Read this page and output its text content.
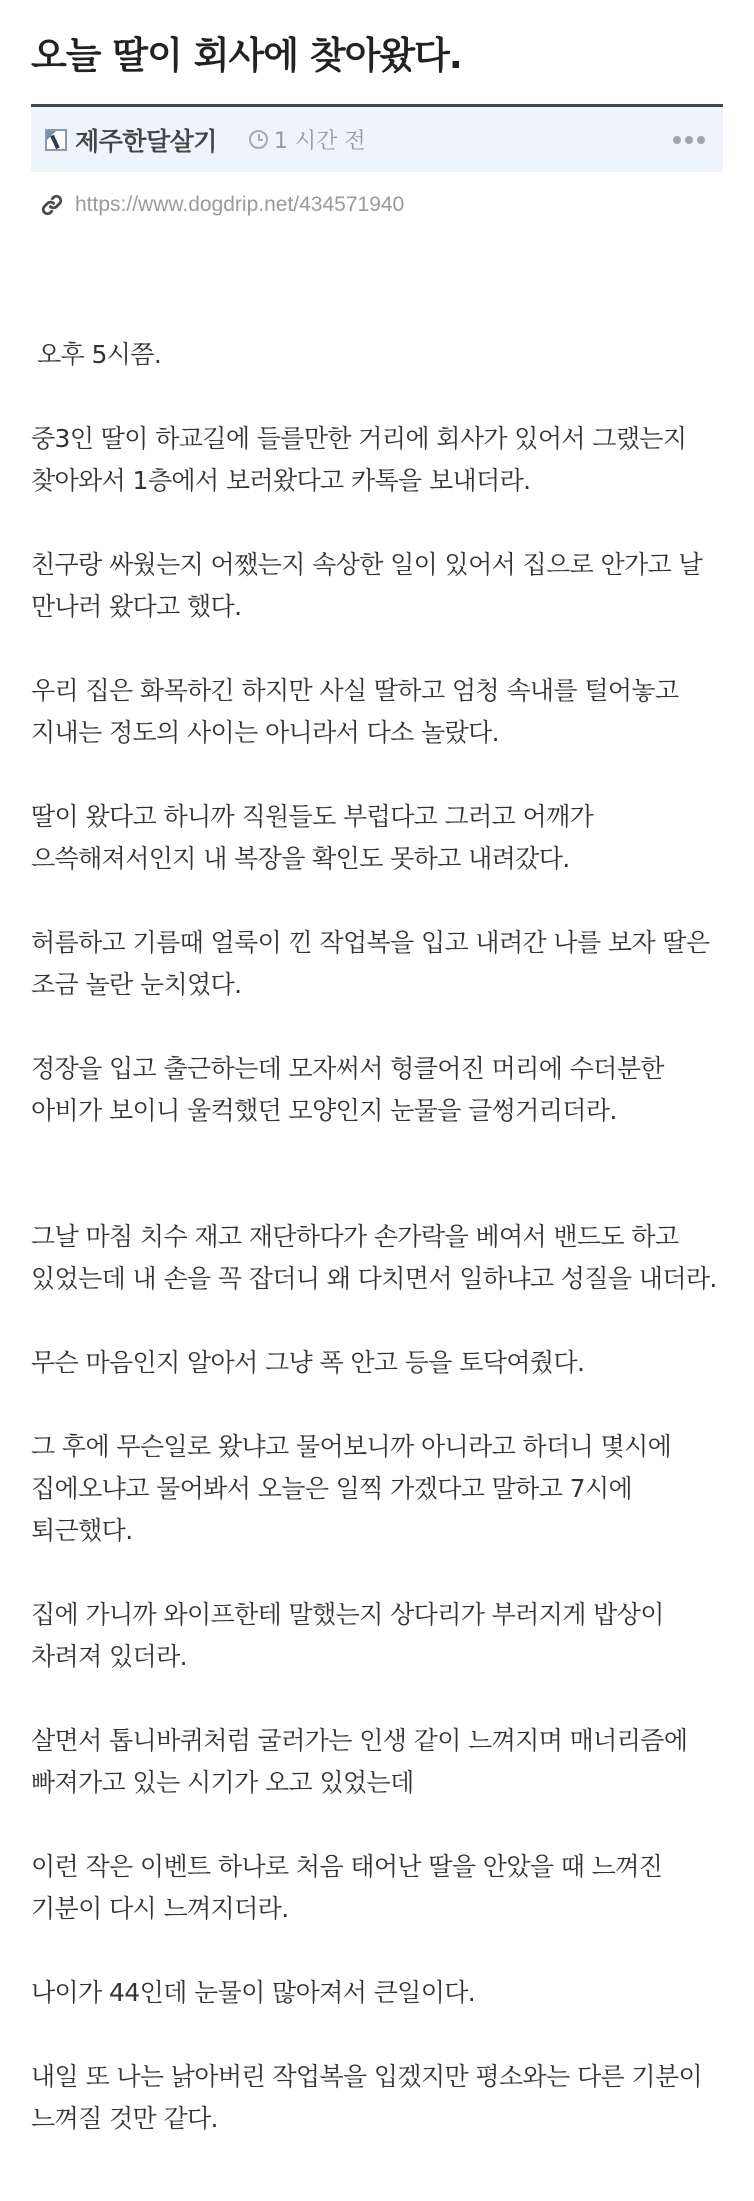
오늘 딸이 회사에 찾아왔다.
제주한달살기	1 시간 전
https://www.dogdrip.net/434571940

오후 5시쯤.

중3인 딸이 하교길에 들를만한 거리에 회사가 있어서 그랬는지 찾아와서 1층에서 보러왔다고 카톡을 보내더라.

친구랑 싸웠는지 어쨌는지 속상한 일이 있어서 집으로 안가고 날 만나러 왔다고 했다.

우리 집은 화목하긴 하지만 사실 딸하고 엄청 속내를 털어놓고 지내는 정도의 사이는 아니라서 다소 놀랐다.

딸이 왔다고 하니까 직원들도 부럽다고 그러고 어깨가 으쓱해져서인지 내 복장을 확인도 못하고 내려갔다.

허름하고 기름때 얼룩이 낀 작업복을 입고 내려간 나를 보자 딸은 조금 놀란 눈치였다.

정장을 입고 출근하는데 모자써서 헝클어진 머리에 수더분한 아비가 보이니 울컥했던 모양인지 눈물을 글썽거리더라.

그날 마침 치수 재고 재단하다가 손가락을 베여서 밴드도 하고 있었는데 내 손을 꼭 잡더니 왜 다치면서 일하냐고 성질을 내더라.

무슨 마음인지 알아서 그냥 폭 안고 등을 토닥여줬다.

그 후에 무슨일로 왔냐고 물어보니까 아니라고 하더니 몇시에 집에오냐고 물어봐서 오늘은 일찍 가겠다고 말하고 7시에 퇴근했다.

집에 가니까 와이프한테 말했는지 상다리가 부러지게 밥상이 차려져 있더라.

살면서 톱니바퀴처럼 굴러가는 인생 같이 느껴지며 매너리즘에 빠져가고 있는 시기가 오고 있었는데

이런 작은 이벤트 하나로 처음 태어난 딸을 안았을 때 느껴진 기분이 다시 느껴지더라.

나이가 44인데 눈물이 많아져서 큰일이다.

내일 또 나는 낡아버린 작업복을 입겠지만 평소와는 다른 기분이 느껴질 것만 같다.
